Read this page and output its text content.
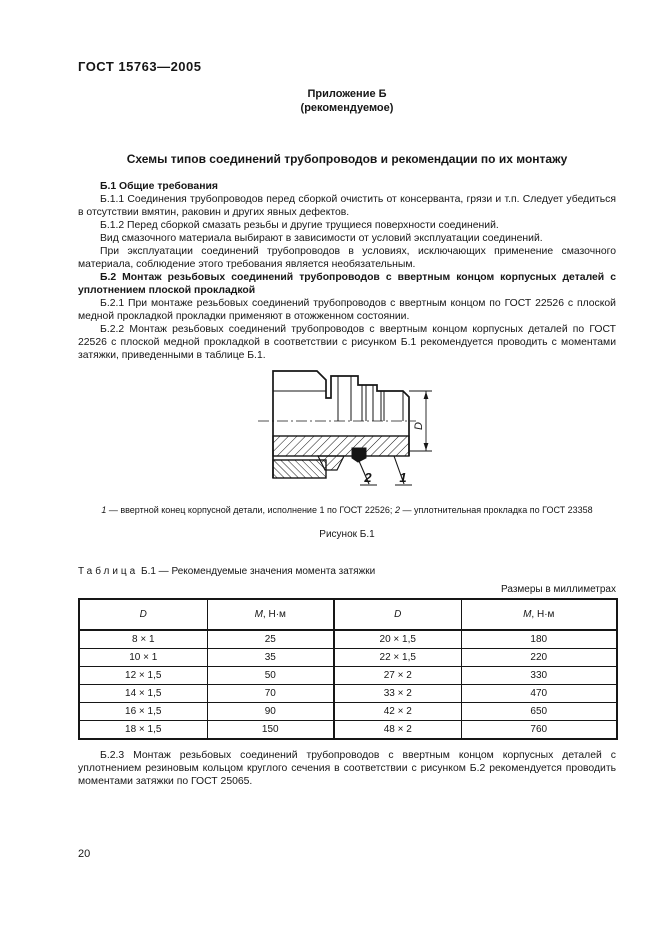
ГОСТ 15763—2005
Приложение Б
(рекомендуемое)
Схемы типов соединений трубопроводов и рекомендации по их монтажу

Б.1 Общие требования

Б.1.1 Соединения трубопроводов перед сборкой очистить от консерванта, грязи и т.п. Следует убедиться в отсутствии вмятин, раковин и других явных дефектов.

Б.1.2 Перед сборкой смазать резьбы и другие трущиеся поверхности соединений.

Вид смазочного материала выбирают в зависимости от условий эксплуатации соединений.

При эксплуатации соединений трубопроводов в условиях, исключающих применение смазочного материала, соблюдение этого требования является необязательным.

Б.2 Монтаж резьбовых соединений трубопроводов с ввертным концом корпусных деталей с уплотнением плоской прокладкой

Б.2.1 При монтаже резьбовых соединений трубопроводов с ввертным концом по ГОСТ 22526 с плоской медной прокладкой прокладки применяют в отожженном состоянии.

Б.2.2 Монтаж резьбовых соединений трубопроводов с ввертным концом корпусных деталей по ГОСТ 22526 с плоской медной прокладкой в соответствии с рисунком Б.1 рекомендуется проводить с моментами затяжки, приведенными в таблице Б.1.

D
2 1
1 — ввертной конец корпусной детали, исполнение 1 по ГОСТ 22526; 2 — уплотнительная прокладка по ГОСТ 23358
Рисунок Б.1
Таблица Б.1 — Рекомендуемые значения момента затяжки
Размеры в миллиметрах
D	М, Н·м	D	М, Н·м
8 × 1	25	20 × 1,5	180
10 × 1	35	22 × 1,5	220
12 × 1,5	50	27 × 2	330
14 × 1,5	70	33 × 2	470
16 × 1,5	90	42 × 2	650
18 × 1,5	150	48 × 2	760

Б.2.3 Монтаж резьбовых соединений трубопроводов с ввертным концом корпусных деталей с уплотнением резиновым кольцом круглого сечения в соответствии с рисунком Б.2 рекомендуется проводить моментами затяжки по ГОСТ 25065.

20
